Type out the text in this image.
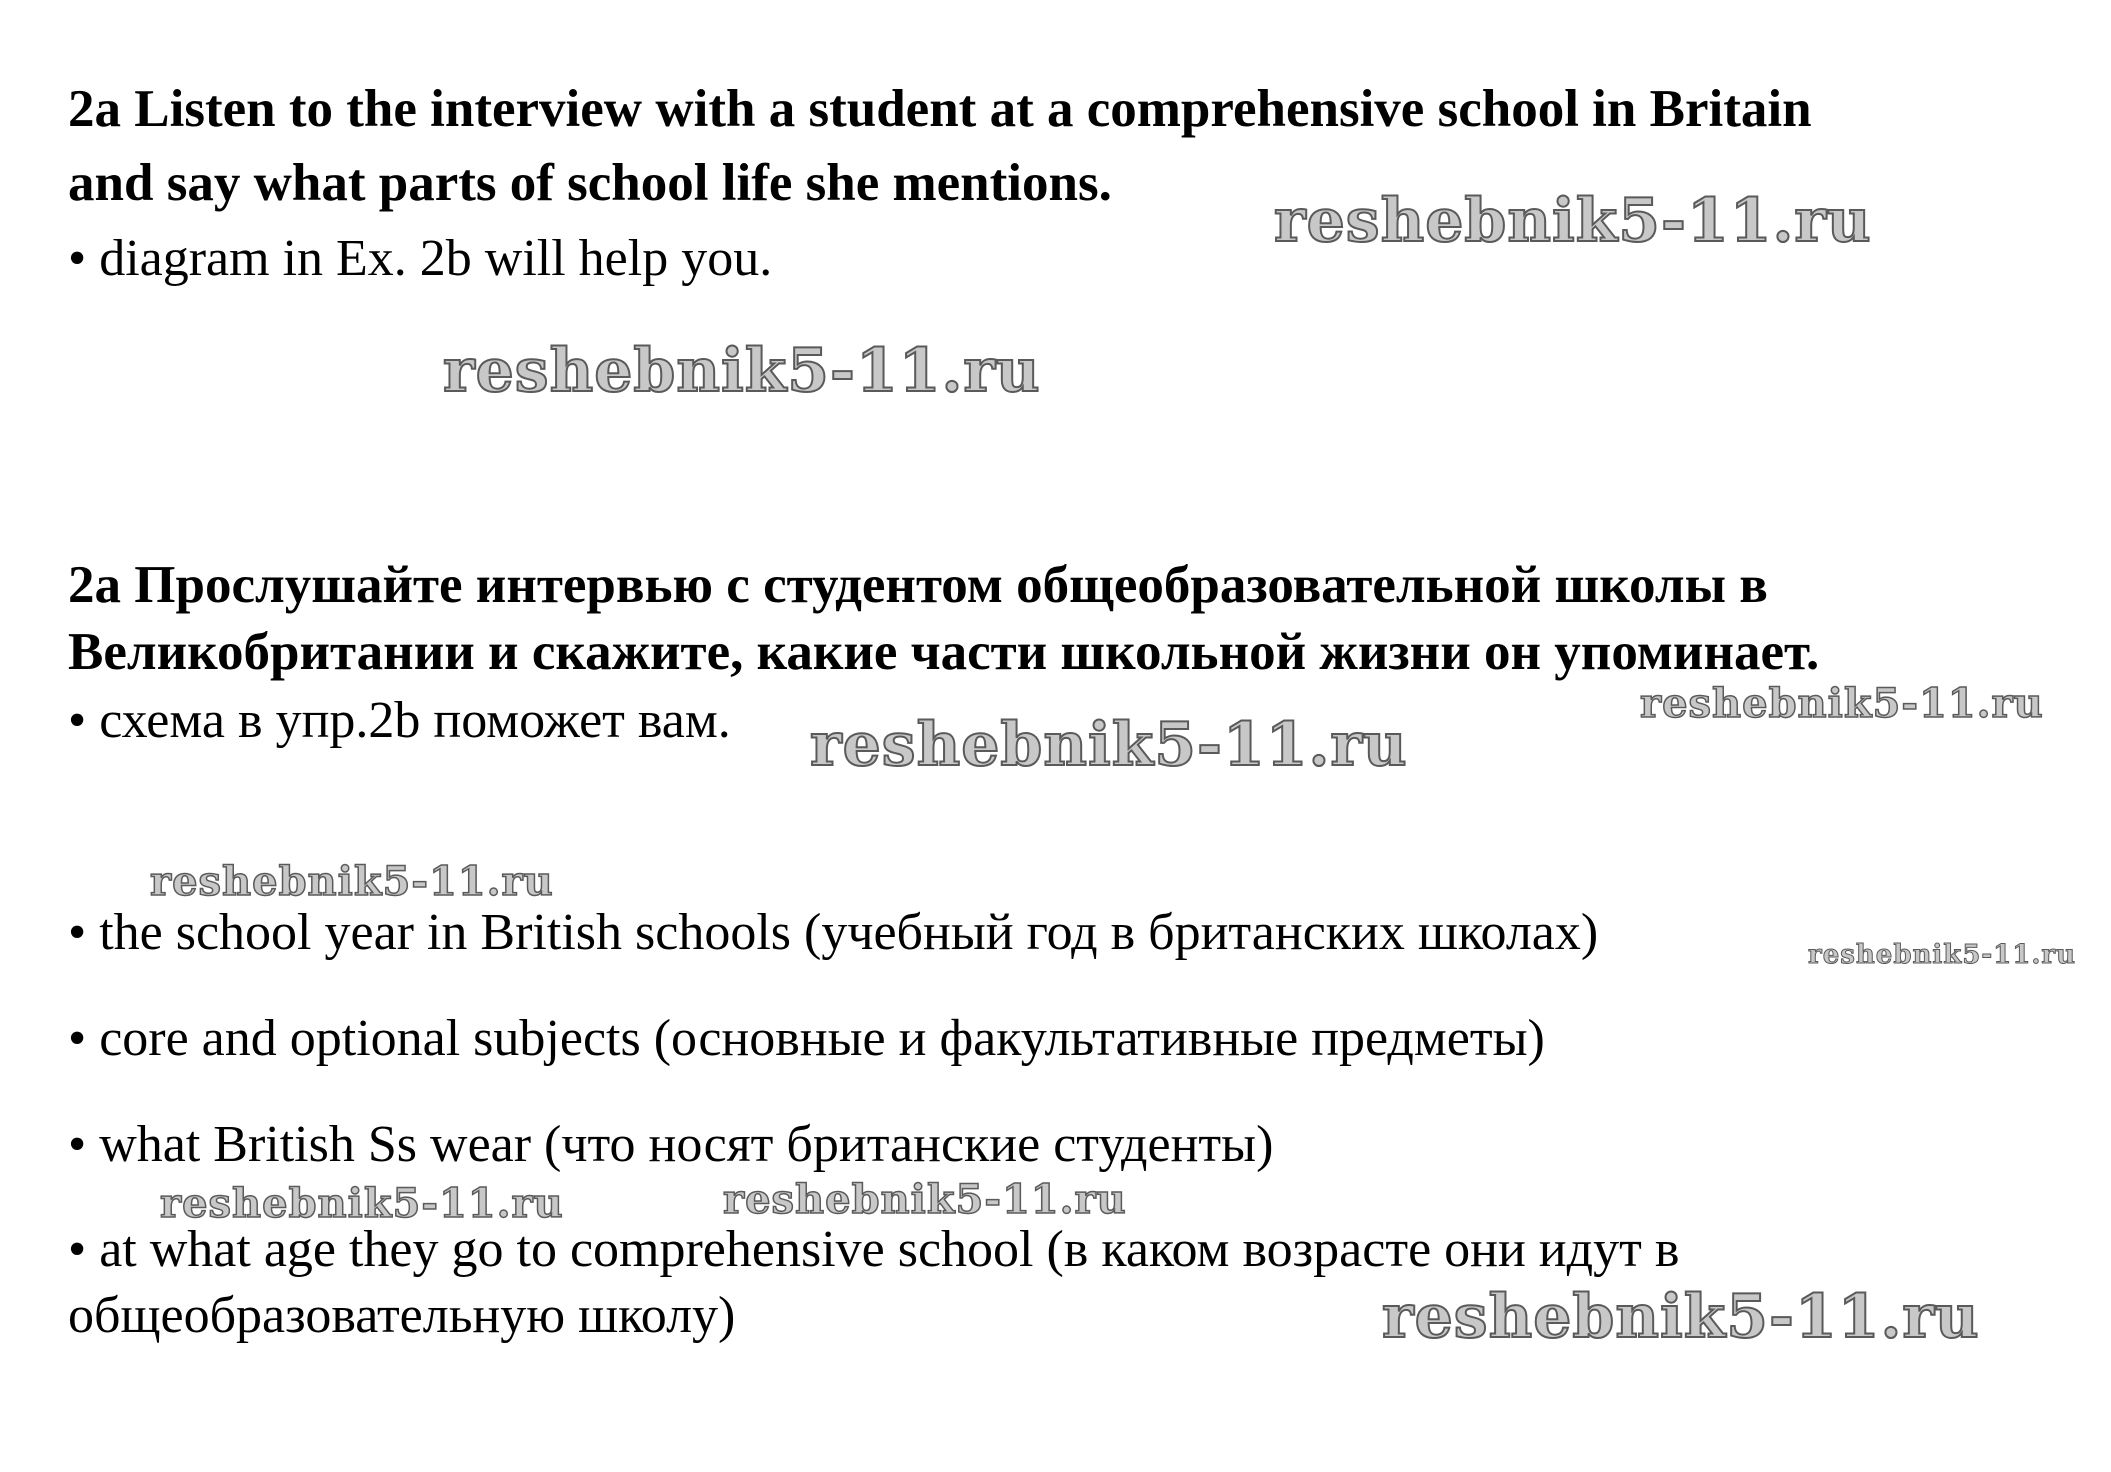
2a Listen to the interview with a student at a comprehensive school in Britain

and say what parts of school life she mentions.

• diagram in Ex. 2b will help you.

2a Прослушайте интервью с студентом общеобразовательной школы в

Великобритании и скажите, какие части школьной жизни он упоминает.

• схема в упр.2b поможет вам.

• the school year in British schools (учебный год в британских школах)

• core and optional subjects (основные и факультативные предметы)

• what British Ss wear (что носят британские студенты)

• at what age they go to comprehensive school (в каком возрасте они идут в

общеобразовательную школу)

reshebnik5-11.ru
reshebnik5-11.ru
reshebnik5-11.ru
reshebnik5-11.ru
reshebnik5-11.ru
reshebnik5-11.ru
reshebnik5-11.ru	reshebnik5-11.ru
reshebnik5-11.ru
